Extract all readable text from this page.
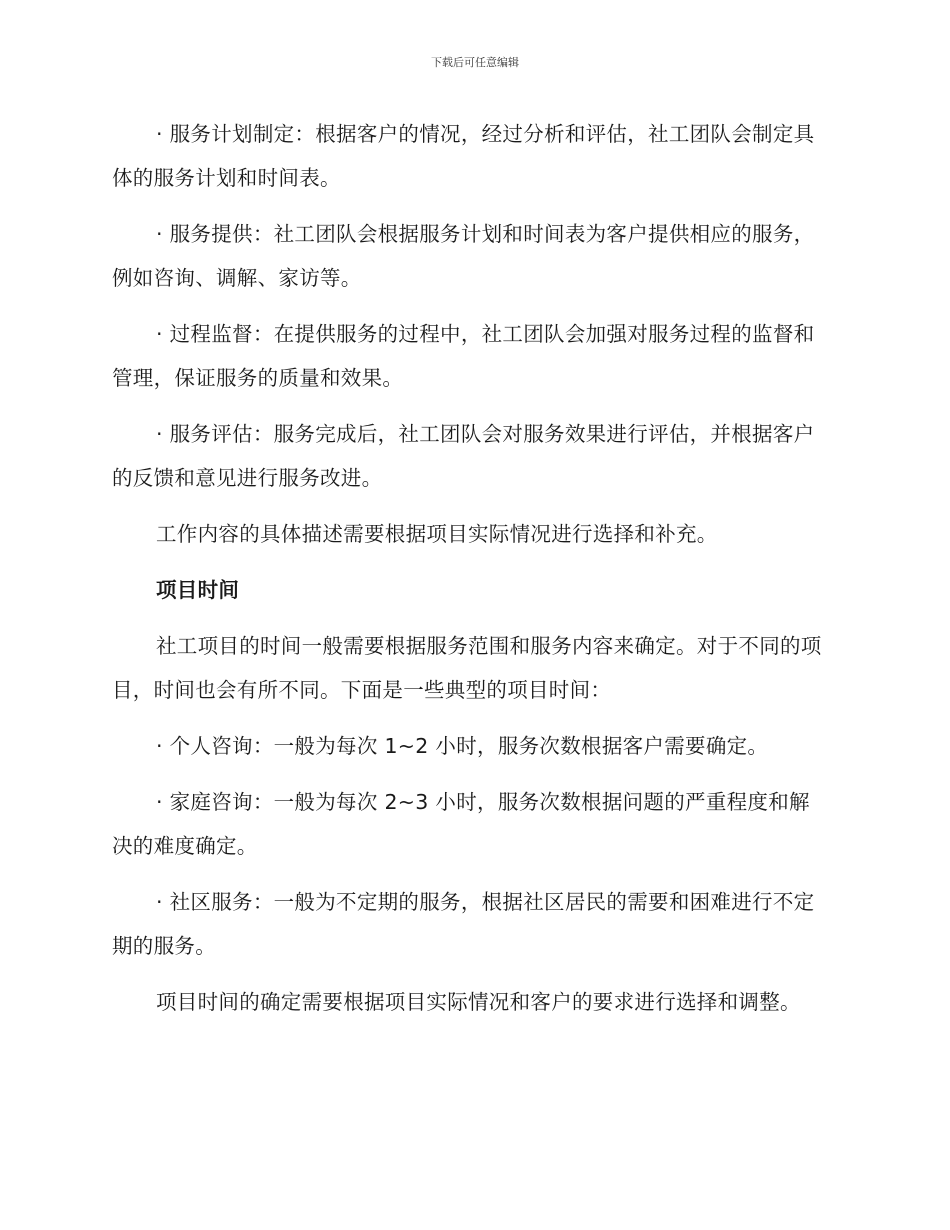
下载后可任意编辑

· 服务计划制定：根据客户的情况，经过分析和评估，社工团队会制定具体的服务计划和时间表。

· 服务提供：社工团队会根据服务计划和时间表为客户提供相应的服务，例如咨询、调解、家访等。

· 过程监督：在提供服务的过程中，社工团队会加强对服务过程的监督和管理，保证服务的质量和效果。

· 服务评估：服务完成后，社工团队会对服务效果进行评估，并根据客户的反馈和意见进行服务改进。

工作内容的具体描述需要根据项目实际情况进行选择和补充。

项目时间

社工项目的时间一般需要根据服务范围和服务内容来确定。对于不同的项目，时间也会有所不同。下面是一些典型的项目时间：

· 个人咨询：一般为每次 1~2 小时，服务次数根据客户需要确定。

· 家庭咨询：一般为每次 2~3 小时，服务次数根据问题的严重程度和解决的难度确定。

· 社区服务：一般为不定期的服务，根据社区居民的需要和困难进行不定期的服务。

项目时间的确定需要根据项目实际情况和客户的要求进行选择和调整。
